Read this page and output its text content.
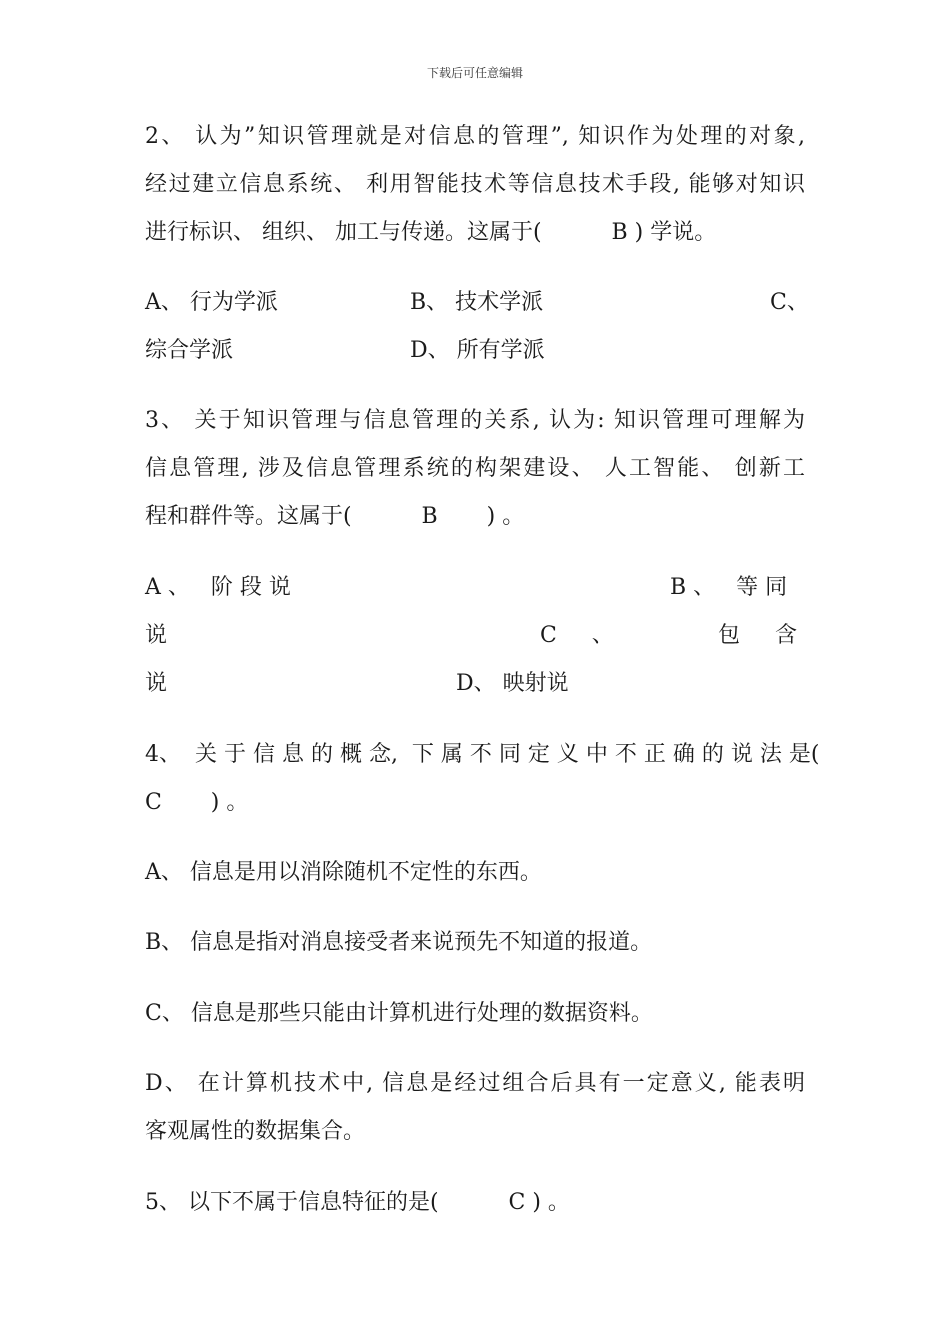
下载后可任意编辑
2、 认为”知识管理就是对信息的管理”, 知识作为处理的对象,
经过建立信息系统、 利用智能技术等信息技术手段, 能够对知识
进行标识、 组织、 加工与传递。这属于(          B ) 学说。
A、 行为学派	B、 技术学派	C、
综合学派	D、 所有学派
3、 关于知识管理与信息管理的关系, 认为: 知识管理可理解为
信息管理, 涉及信息管理系统的构架建设、 人工智能、 创新工
程和群件等。这属于(          B       ) 。
A 、   阶 段 说	B 、   等 同
说	C     、	包     含
说	D、 映射说
4、  关 于 信 息 的 概 念,  下 属 不 同 定 义 中 不 正 确 的 说 法 是(
C       ) 。
A、 信息是用以消除随机不定性的东西。
B、 信息是指对消息接受者来说预先不知道的报道。
C、 信息是那些只能由计算机进行处理的数据资料。
D、 在计算机技术中, 信息是经过组合后具有一定意义, 能表明
客观属性的数据集合。
5、 以下不属于信息特征的是(          C ) 。
